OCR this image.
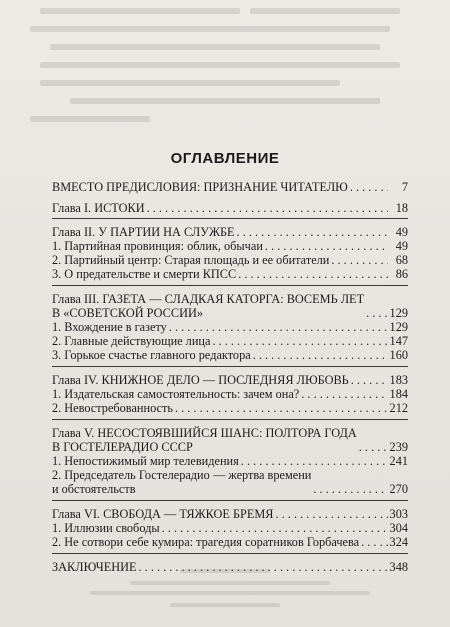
ОГЛАВЛЕНИЕ
ВМЕСТО ПРЕДИСЛОВИЯ: ПРИЗНАНИЕ ЧИТАТЕЛЮ . . .	7
Глава I. ИСТОКИ . . .	18
Глава II. У ПАРТИИ НА СЛУЖБЕ . . .	49
1. Партийная провинция: облик, обычаи . . .	49
2. Партийный центр: Старая площадь и ее обитатели . . .	68
3. О предательстве и смерти КПСС . . .	86
Глава III. ГАЗЕТА — СЛАДКАЯ КАТОРГА: ВОСЕМЬ ЛЕТ
В «СОВЕТСКОЙ РОССИИ» . . .	129
1. Вхождение в газету . . .	129
2. Главные действующие лица . . .	147
3. Горькое счастье главного редактора . . .	160
Глава IV. КНИЖНОЕ ДЕЛО — ПОСЛЕДНЯЯ ЛЮБОВЬ . . .	183
1. Издательская самостоятельность: зачем она? . . .	184
2. Невостребованность . . .	212
Глава V. НЕСОСТОЯВШИЙСЯ ШАНС: ПОЛТОРА ГОДА
В ГОСТЕЛЕРАДИО СССР . . .	239
1. Непостижимый мир телевидения . . .	241
2. Председатель Гостелерадио — жертва времени
и обстоятельств . . .	270
Глава VI. СВОБОДА — ТЯЖКОЕ БРЕМЯ . . .	303
1. Иллюзии свободы . . .	304
2. Не сотвори себе кумира: трагедия соратников Горбачева . . . 324
ЗАКЛЮЧЕНИЕ . . .	348
